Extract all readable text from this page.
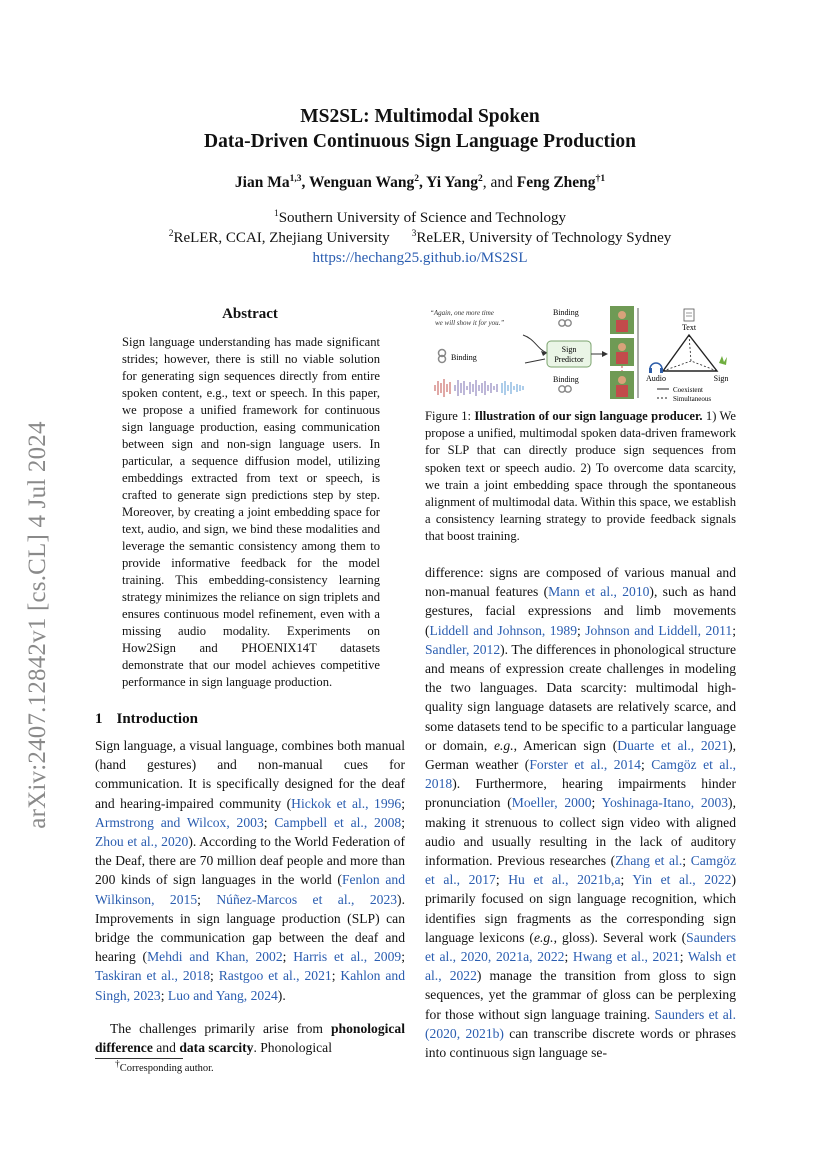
arXiv:2407.12842v1 [cs.CL] 4 Jul 2024
MS2SL: Multimodal Spoken
Data-Driven Continuous Sign Language Production
Jian Ma$^{1,3}$, Wenguan Wang$^2$, Yi Yang$^2$, and Feng Zheng$^{\dagger 1}$
$^1$Southern University of Science and Technology
$^2$ReLER, CCAI, Zhejiang University $^3$ReLER, University of Technology Sydney
https://hechang25.github.io/MS2SL
Abstract

Sign language understanding has made significant strides; however, there is still no viable solution for generating sign sequences directly from entire spoken content, e.g., text or speech. In this paper, we propose a unified framework for continuous sign language production, easing communication between sign and non-sign language users. In particular, a sequence diffusion model, utilizing embeddings extracted from text or speech, is crafted to generate sign predictions step by step. Moreover, by creating a joint embedding space for text, audio, and sign, we bind these modalities and leverage the semantic consistency among them to provide informative feedback for the model training. This embedding-consistency learning strategy minimizes the reliance on sign triplets and ensures continuous model refinement, even with a missing audio modality. Experiments on How2Sign and PHOENIX14T datasets demonstrate that our model achieves competitive performance in sign language production.

1 Introduction

Sign language, a visual language, combines both manual (hand gestures) and non-manual cues for communication. It is specifically designed for the deaf and hearing-impaired community (Hickok et al., 1996; Armstrong and Wilcox, 2003; Campbell et al., 2008; Zhou et al., 2020). According to the World Federation of the Deaf, there are 70 million deaf people and more than 200 kinds of sign languages in the world (Fenlon and Wilkinson, 2015; Núñez-Marcos et al., 2023). Improvements in sign language production (SLP) can bridge the communication gap between the deaf and hearing (Mehdi and Khan, 2002; Harris et al., 2009; Taskiran et al., 2018; Rastgoo et al., 2021; Kahlon and Singh, 2023; Luo and Yang, 2024).

The challenges primarily arise from phonological difference and data scarcity. Phonological

†Corresponding author.
“Again, one more time
we will show it for you.”
Binding
Binding
Sign
Predictor
Binding
Text
Audio	Sign
Coexistent
Simultaneous

Figure 1: Illustration of our sign language producer. 1) We propose a unified, multimodal spoken data-driven framework for SLP that can directly produce sign sequences from spoken text or speech audio. 2) To overcome data scarcity, we train a joint embedding space through the spontaneous alignment of multimodal data. Within this space, we establish a consistency learning strategy to provide feedback signals that boost training.

difference: signs are composed of various manual and non-manual features (Mann et al., 2010), such as hand gestures, facial expressions and limb movements (Liddell and Johnson, 1989; Johnson and Liddell, 2011; Sandler, 2012). The differences in phonological structure and means of expression create challenges in modeling the two languages. Data scarcity: multimodal high-quality sign language datasets are relatively scarce, and some datasets tend to be specific to a particular language or domain, e.g., American sign (Duarte et al., 2021), German weather (Forster et al., 2014; Camgöz et al., 2018). Furthermore, hearing impairments hinder pronunciation (Moeller, 2000; Yoshinaga-Itano, 2003), making it strenuous to collect sign video with aligned audio and usually resulting in the lack of auditory information. Previous researches (Zhang et al.; Camgöz et al., 2017; Hu et al., 2021b,a; Yin et al., 2022) primarily focused on sign language recognition, which identifies sign fragments as the corresponding sign language lexicons (e.g., gloss). Several work (Saunders et al., 2020, 2021a, 2022; Hwang et al., 2021; Walsh et al., 2022) manage the transition from gloss to sign sequences, yet the grammar of gloss can be perplexing for those without sign language training. Saunders et al. (2020, 2021b) can transcribe discrete words or phrases into continuous sign language se-
